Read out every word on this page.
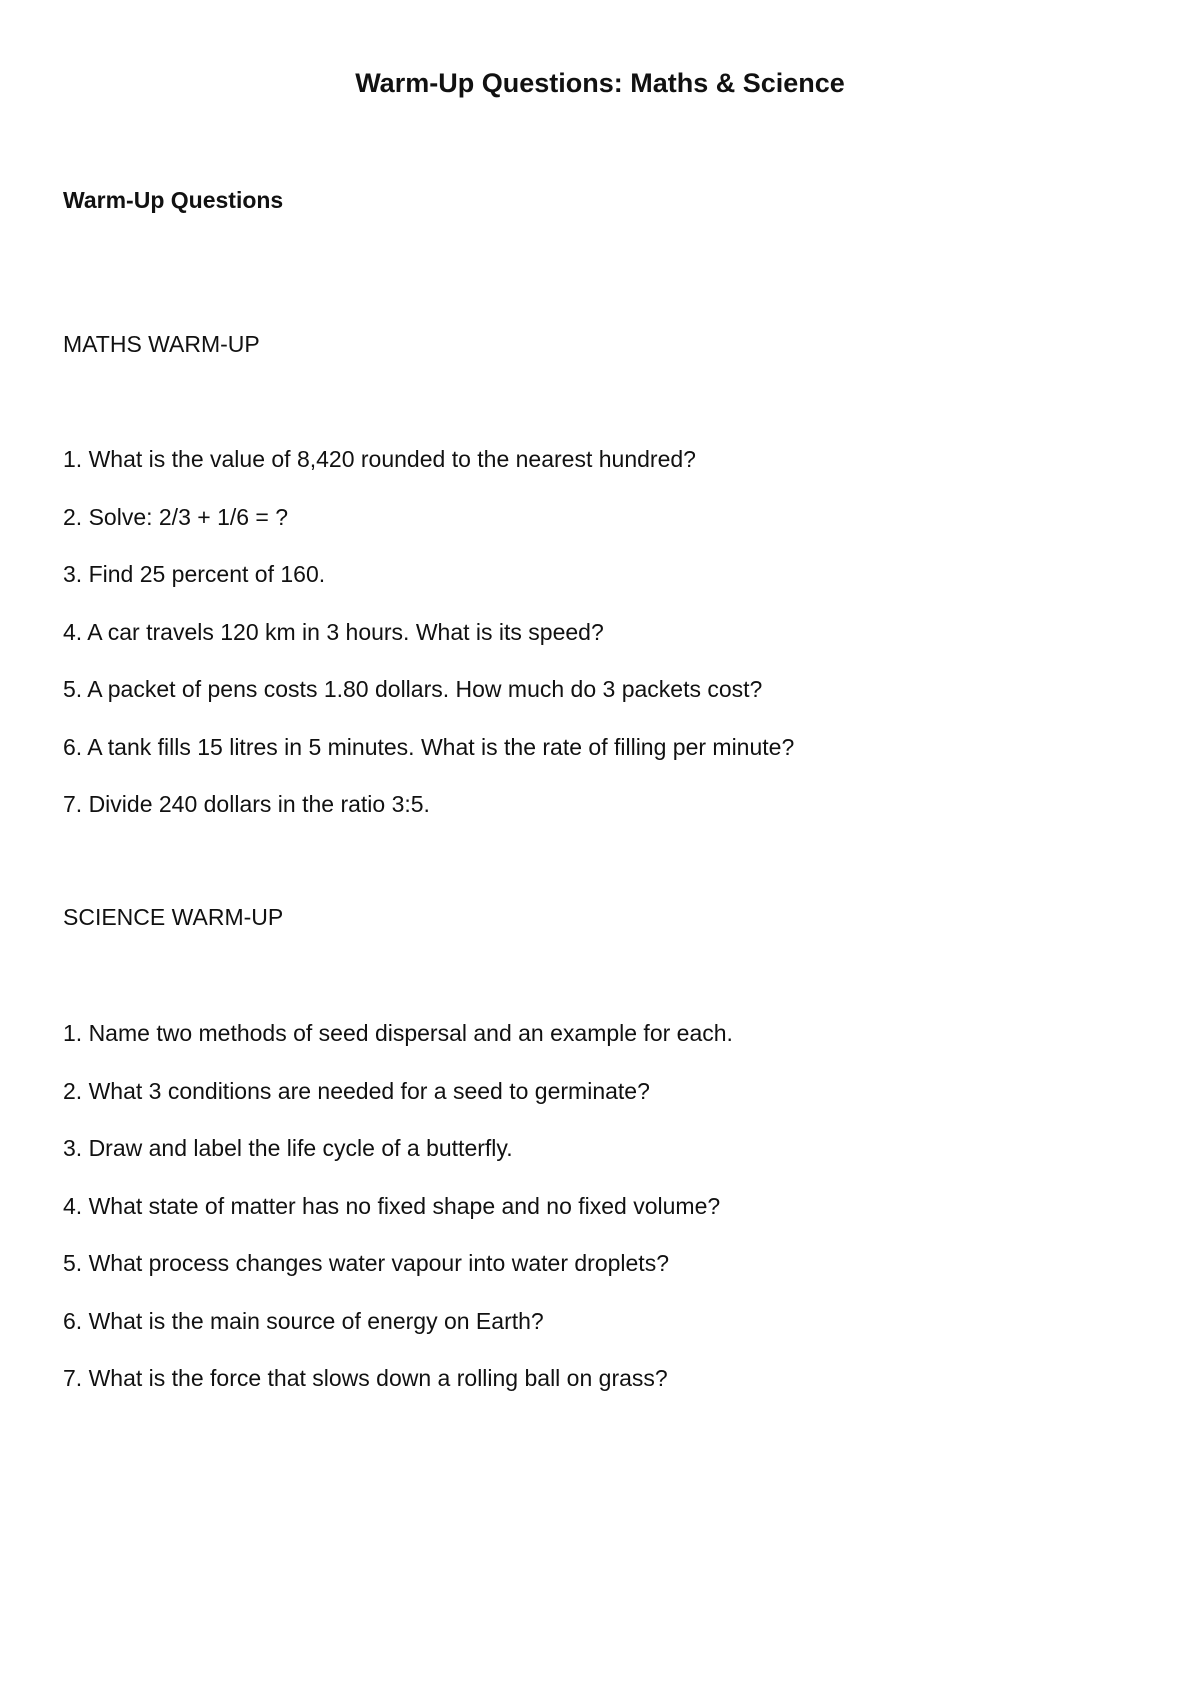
Warm-Up Questions: Maths & Science
Warm-Up Questions
MATHS WARM-UP
1. What is the value of 8,420 rounded to the nearest hundred?
2. Solve: 2/3 + 1/6 = ?
3. Find 25 percent of 160.
4. A car travels 120 km in 3 hours. What is its speed?
5. A packet of pens costs 1.80 dollars. How much do 3 packets cost?
6. A tank fills 15 litres in 5 minutes. What is the rate of filling per minute?
7. Divide 240 dollars in the ratio 3:5.
SCIENCE WARM-UP
1. Name two methods of seed dispersal and an example for each.
2. What 3 conditions are needed for a seed to germinate?
3. Draw and label the life cycle of a butterfly.
4. What state of matter has no fixed shape and no fixed volume?
5. What process changes water vapour into water droplets?
6. What is the main source of energy on Earth?
7. What is the force that slows down a rolling ball on grass?
